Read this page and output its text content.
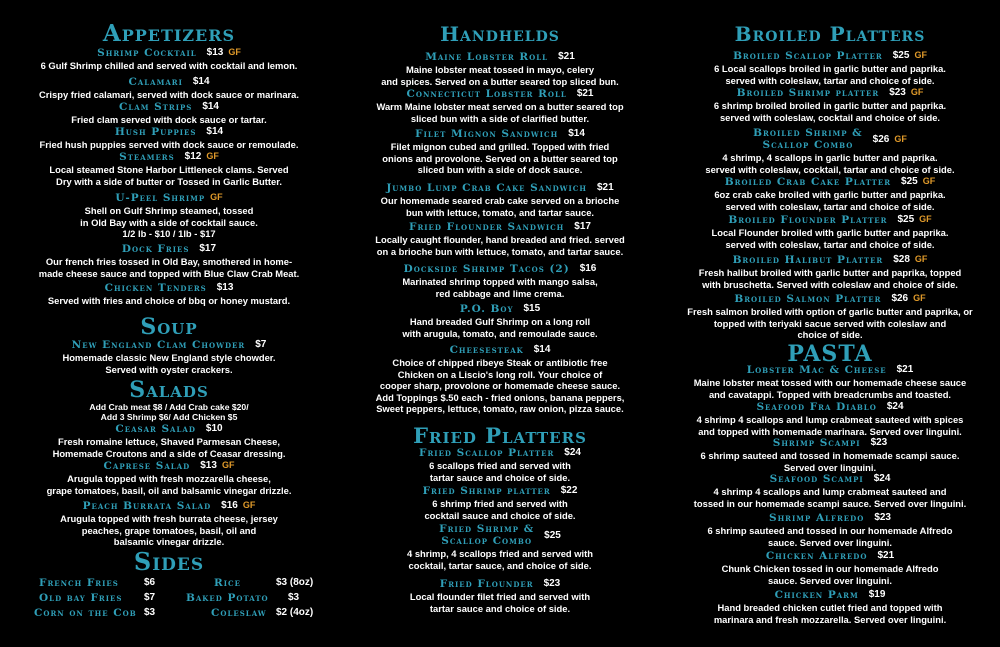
Appetizers
Shrimp Cocktail $13 GF
6 Gulf Shrimp chilled and served with cocktail and lemon.
Calamari $14
Crispy fried calamari, served with dock sauce or marinara.
Clam Strips $14
Fried clam served with dock sauce or tartar.
Hush Puppies $14
Fried hush puppies served with dock sauce or remoulade.
Steamers $12 GF
Local steamed Stone Harbor Littleneck clams. Served
Dry with a side of butter or Tossed in Garlic Butter.
U-Peel Shrimp GF
Shell on Gulf Shrimp steamed, tossed
in Old Bay with a side of cocktail sauce.
1/2 lb - $10 / 1lb - $17
Dock Fries $17
Our french fries tossed in Old Bay, smothered in home-
made cheese sauce and topped with Blue Claw Crab Meat.
Chicken Tenders $13
Served with fries and choice of bbq or honey mustard.
Soup
New England Clam Chowder $7
Homemade classic New England style chowder.
Served with oyster crackers.
Salads
Add Crab meat $8 / Add Crab cake $20/
Add 3 Shrimp $6/ Add Chicken $5
Ceasar Salad $10
Fresh romaine lettuce, Shaved Parmesan Cheese,
Homemade Croutons and a side of Ceasar dressing.
Caprese Salad $13 GF
Arugula topped with fresh mozzarella cheese,
grape tomatoes, basil, oil and balsamic vinegar drizzle.
Peach Burrata Salad $16 GF
Arugula topped with fresh burrata cheese, jersey
peaches, grape tomatoes, basil, oil and
balsamic vinegar drizzle.
Sides
French Fries	$6
Old bay Fries $7
Corn on the Cob $3
Rice	$3 (8oz)
Baked Potato $3
Coleslaw $2 (4oz)
Handhelds
Maine Lobster Roll $21
Maine lobster meat tossed in mayo, celery
and spices. Served on a butter seared top sliced bun.
Connecticut Lobster Roll $21
Warm Maine lobster meat served on a butter seared top
sliced bun with a side of clarified butter.
Filet Mignon Sandwich $14
Filet mignon cubed and grilled. Topped with fried
onions and provolone. Served on a butter seared top
sliced bun with a side of dock sauce.
Jumbo Lump Crab Cake Sandwich $21
Our homemade seared crab cake served on a brioche
bun with lettuce, tomato, and tartar sauce.
Fried Flounder Sandwich $17
Locally caught flounder, hand breaded and fried. served
on a brioche bun with lettuce, tomato, and tartar sauce.
Dockside Shrimp Tacos (2) $16
Marinated shrimp topped with mango salsa,
red cabbage and lime crema.
P.O. Boy $15
Hand breaded Gulf Shrimp on a long roll
with arugula, tomato, and remoulade sauce.
Cheesesteak $14
Choice of chipped ribeye Steak or antibiotic free
Chicken on a Liscio's long roll. Your choice of
cooper sharp, provolone or homemade cheese sauce.
Add Toppings $.50 each - fried onions, banana peppers,
Sweet peppers, lettuce, tomato, raw onion, pizza sauce.
Fried Platters
Fried Scallop Platter $24
6 scallops fried and served with
tartar sauce and choice of side.
Fried Shrimp platter $22
6 shrimp fried and served with
cocktail sauce and choice of side.
Fried Shrimp &
Scallop Combo $25
4 shrimp, 4 scallops fried and served with
cocktail, tartar sauce, and choice of side.
Fried Flounder $23
Local flounder filet fried and served with
tartar sauce and choice of side.
Broiled Platters
Broiled Scallop Platter $25 GF
6 Local scallops broiled in garlic butter and paprika.
served with coleslaw, tartar and choice of side.
Broiled Shrimp platter $23 GF
6 shrimp broiled broiled in garlic butter and paprika.
served with coleslaw, cocktail and choice of side.
Broiled Shrimp &
Scallop Combo	$26 GF
4 shrimp, 4 scallops in garlic butter and paprika.
served with coleslaw, cocktail, tartar and choice of side.
Broiled Crab Cake Platter $25 GF
6oz crab cake broiled with garlic butter and paprika.
served with coleslaw, tartar and choice of side.
Broiled Flounder Platter $25 GF
Local Flounder broiled with garlic butter and paprika.
served with coleslaw, tartar and choice of side.
Broiled Halibut Platter $28 GF
Fresh halibut broiled with garlic butter and paprika, topped
with bruschetta. Served with coleslaw and choice of side.
Broiled Salmon Platter $26 GF
Fresh salmon broiled with option of garlic butter and paprika, or
topped with teriyaki sacue served with coleslaw and
choice of side.
PASTA
Lobster Mac & Cheese $21
Maine lobster meat tossed with our homemade cheese sauce
and cavatappi. Topped with breadcrumbs and toasted.
Seafood Fra Diablo $24
4 shrimp 4 scallops and lump crabmeat sauteed with spices
and topped with homemade marinara. Served over linguini.
Shrimp Scampi $23
6 shrimp sauteed and tossed in homemade scampi sauce.
Served over linguini.
Seafood Scampi $24
4 shrimp 4 scallops and lump crabmeat sauteed and
tossed in our homemade scampi sauce. Served over linguini.
Shrimp Alfredo $23
6 shrimp sauteed and tossed in our homemade Alfredo
sauce. Served over linguini.
Chicken Alfredo $21
Chunk Chicken tossed in our homemade Alfredo
sauce. Served over linguini.
Chicken Parm $19
Hand breaded chicken cutlet fried and topped with
marinara and fresh mozzarella. Served over linguini.
